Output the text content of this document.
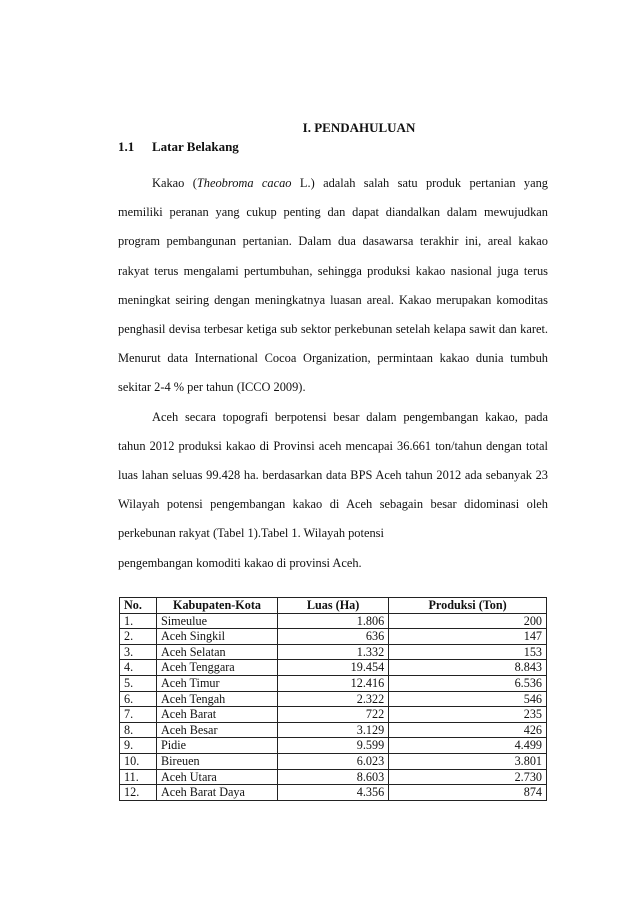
I. PENDAHULUAN
1.1 Latar Belakang

Kakao (Theobroma cacao L.) adalah salah satu produk pertanian yang memiliki peranan yang cukup penting dan dapat diandalkan dalam mewujudkan program pembangunan pertanian. Dalam dua dasawarsa terakhir ini, areal kakao rakyat terus mengalami pertumbuhan, sehingga produksi kakao nasional juga terus meningkat seiring dengan meningkatnya luasan areal. Kakao merupakan komoditas penghasil devisa terbesar ketiga sub sektor perkebunan setelah kelapa sawit dan karet. Menurut data International Cocoa Organization, permintaan kakao dunia tumbuh sekitar 2-4 % per tahun (ICCO 2009).

Aceh secara topografi berpotensi besar dalam pengembangan kakao, pada tahun 2012 produksi kakao di Provinsi aceh mencapai 36.661 ton/tahun dengan total luas lahan seluas 99.428 ha. berdasarkan data BPS Aceh tahun 2012 ada sebanyak 23 Wilayah potensi pengembangan kakao di Aceh sebagain besar didominasi oleh perkebunan rakyat (Tabel 1).Tabel 1. Wilayah potensi

pengembangan komoditi kakao di provinsi Aceh.

No.	Kabupaten-Kota	Luas (Ha)	Produksi (Ton)
1.	Simeulue	1.806	200
2.	Aceh Singkil	636	147
3.	Aceh Selatan	1.332	153
4.	Aceh Tenggara	19.454	8.843
5.	Aceh Timur	12.416	6.536
6.	Aceh Tengah	2.322	546
7.	Aceh Barat	722	235
8.	Aceh Besar	3.129	426
9.	Pidie	9.599	4.499
10.	Bireuen	6.023	3.801
11.	Aceh Utara	8.603	2.730
12.	Aceh Barat Daya	4.356	874
